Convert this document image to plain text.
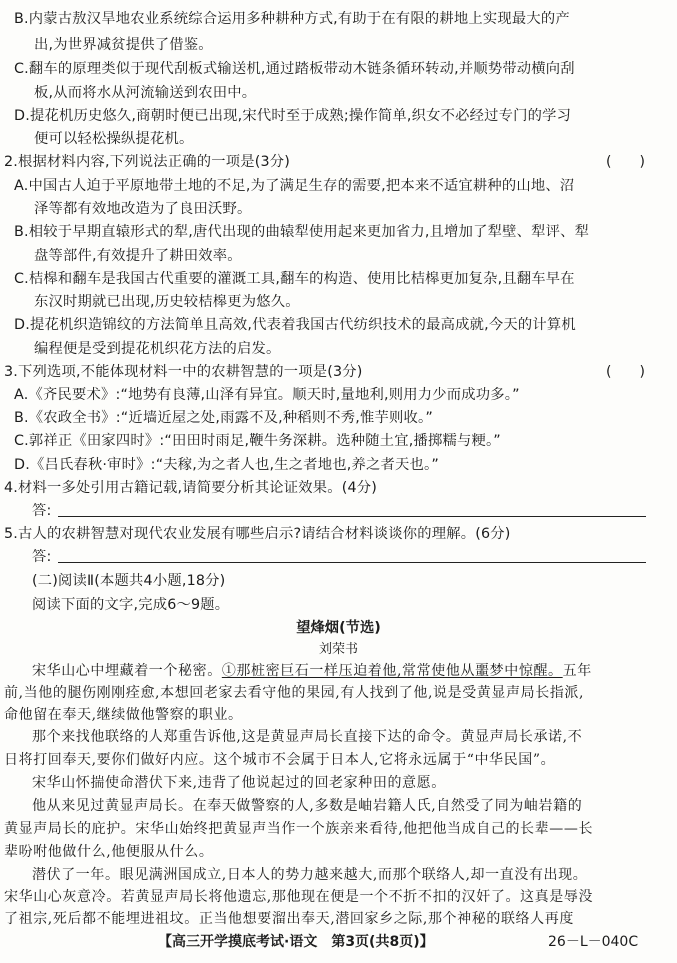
B.内蒙古敖汉旱地农业系统综合运用多种耕种方式,有助于在有限的耕地上实现最大的产

出,为世界减贫提供了借鉴。

C.翻车的原理类似于现代刮板式输送机,通过踏板带动木链条循环转动,并顺势带动横向刮

板,从而将水从河流输送到农田中。

D.提花机历史悠久,商朝时便已出现,宋代时至于成熟;操作简单,织女不必经过专门的学习

便可以轻松操纵提花机。

2.根据材料内容,下列说法正确的一项是(3分)	(　　)

A.中国古人迫于平原地带土地的不足,为了满足生存的需要,把本来不适宜耕种的山地、沼

泽等都有效地改造为了良田沃野。

B.相较于早期直辕形式的犁,唐代出现的曲辕犁使用起来更加省力,且增加了犁壁、犁评、犁

盘等部件,有效提升了耕田效率。

C.桔槔和翻车是我国古代重要的灌溉工具,翻车的构造、使用比桔槔更加复杂,且翻车早在

东汉时期就已出现,历史较桔槔更为悠久。

D.提花机织造锦纹的方法简单且高效,代表着我国古代纺织技术的最高成就,今天的计算机

编程便是受到提花机织花方法的启发。

3.下列选项,不能体现材料一中的农耕智慧的一项是(3分)	(　　)

A.《齐民要术》:“地势有良薄,山泽有异宜。顺天时,量地利,则用力少而成功多。”

B.《农政全书》:“近墙近屋之处,雨露不及,种稻则不秀,惟芋则收。”

C.郭祥正《田家四时》:“田田时雨足,鞭牛务深耕。选种随土宜,播掷糯与粳。”

D.《吕氏春秋·审时》:“夫稼,为之者人也,生之者地也,养之者天也。”

4.材料一多处引用古籍记载,请简要分析其论证效果。(4分)

答:

5.古人的农耕智慧对现代农业发展有哪些启示?请结合材料谈谈你的理解。(6分)

答:

(二)阅读Ⅱ(本题共4小题,18分)

阅读下面的文字,完成6～9题。

望烽烟(节选)
刘荣书

宋华山心中埋藏着一个秘密。①那桩密巨石一样压迫着他,常常使他从噩梦中惊醒。五年

前,当他的腿伤刚刚痊愈,本想回老家去看守他的果园,有人找到了他,说是受黄显声局长指派,

命他留在奉天,继续做他警察的职业。

那个来找他联络的人郑重告诉他,这是黄显声局长直接下达的命令。黄显声局长承诺,不

日将打回奉天,要你们做好内应。这个城市不会属于日本人,它将永远属于“中华民国”。

宋华山怀揣使命潜伏下来,违背了他说起过的回老家种田的意愿。

他从来见过黄显声局长。在奉天做警察的人,多数是岫岩籍人氏,自然受了同为岫岩籍的

黄显声局长的庇护。宋华山始终把黄显声当作一个族亲来看待,他把他当成自己的长辈——长

辈吩咐他做什么,他便服从什么。

潜伏了一年。眼见满洲国成立,日本人的势力越来越大,而那个联络人,却一直没有出现。

宋华山心灰意冷。若黄显声局长将他遗忘,那他现在便是一个不折不扣的汉奸了。这真是辱没

了祖宗,死后都不能埋进祖坟。正当他想要溜出奉天,潜回家乡之际,那个神秘的联络人再度

【高三开学摸底考试·语文　第3页(共8页)】	26－L－040C
